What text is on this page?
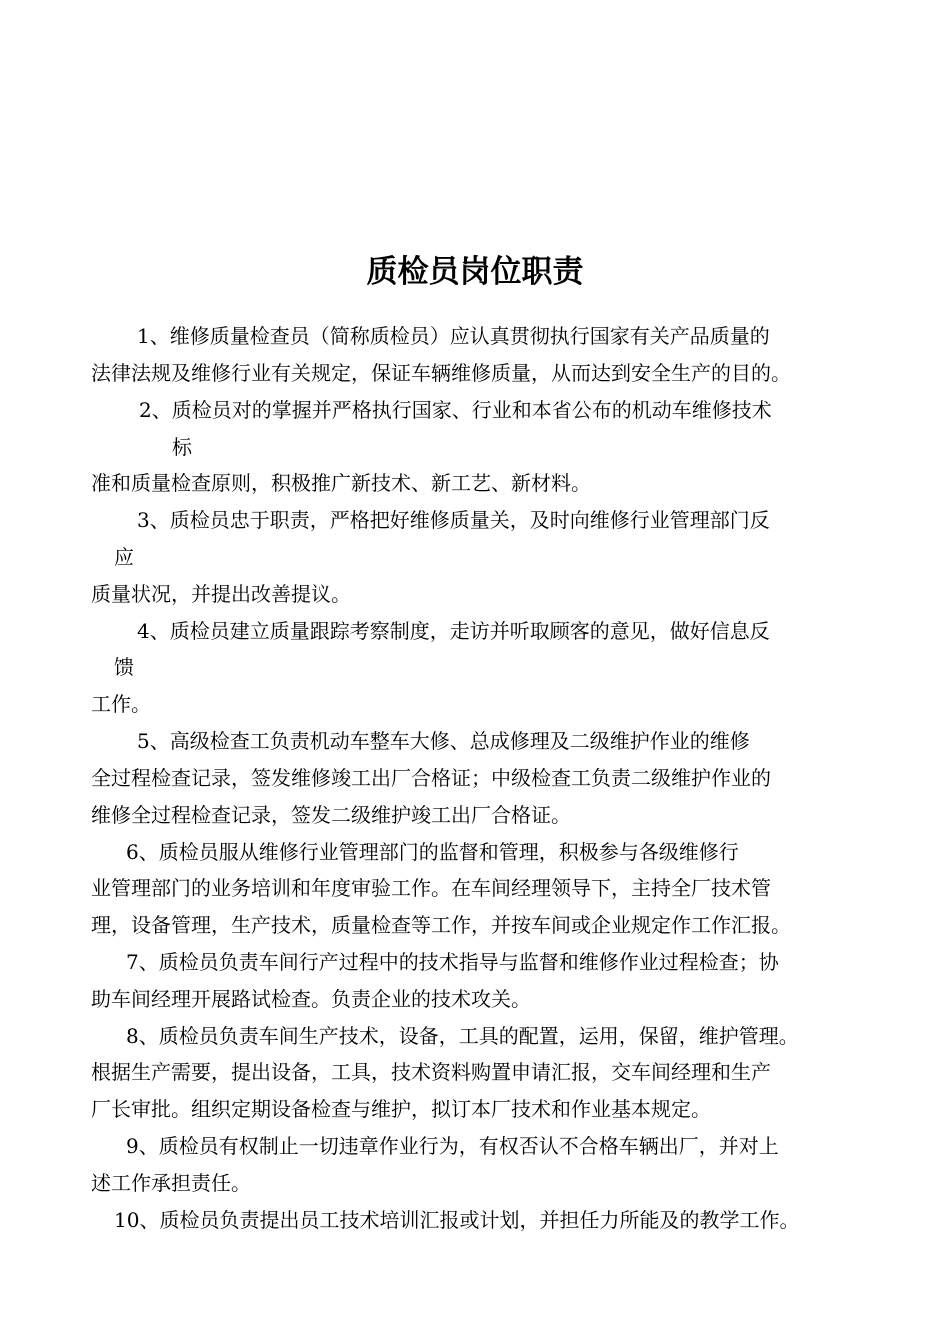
质检员岗位职责

1、维修质量检查员（简称质检员）应认真贯彻执行国家有关产品质量的

法律法规及维修行业有关规定，保证车辆维修质量，从而达到安全生产的目的。

2、质检员对的掌握并严格执行国家、行业和本省公布的机动车维修技术

标

准和质量检查原则，积极推广新技术、新工艺、新材料。

3、质检员忠于职责，严格把好维修质量关，及时向维修行业管理部门反

应

质量状况，并提出改善提议。

4、质检员建立质量跟踪考察制度，走访并听取顾客的意见，做好信息反

馈

工作。

5、高级检查工负责机动车整车大修、总成修理及二级维护作业的维修

全过程检查记录，签发维修竣工出厂合格证；中级检查工负责二级维护作业的

维修全过程检查记录，签发二级维护竣工出厂合格证。

6、质检员服从维修行业管理部门的监督和管理，积极参与各级维修行

业管理部门的业务培训和年度审验工作。在车间经理领导下，主持全厂技术管

理，设备管理，生产技术，质量检查等工作，并按车间或企业规定作工作汇报。

7、质检员负责车间行产过程中的技术指导与监督和维修作业过程检查；协

助车间经理开展路试检查。负责企业的技术攻关。

8、质检员负责车间生产技术，设备，工具的配置，运用，保留，维护管理。

根据生产需要，提出设备，工具，技术资料购置申请汇报，交车间经理和生产

厂长审批。组织定期设备检查与维护，拟订本厂技术和作业基本规定。

9、质检员有权制止一切违章作业行为，有权否认不合格车辆出厂，并对上

述工作承担责任。

10、质检员负责提出员工技术培训汇报或计划，并担任力所能及的教学工作。
